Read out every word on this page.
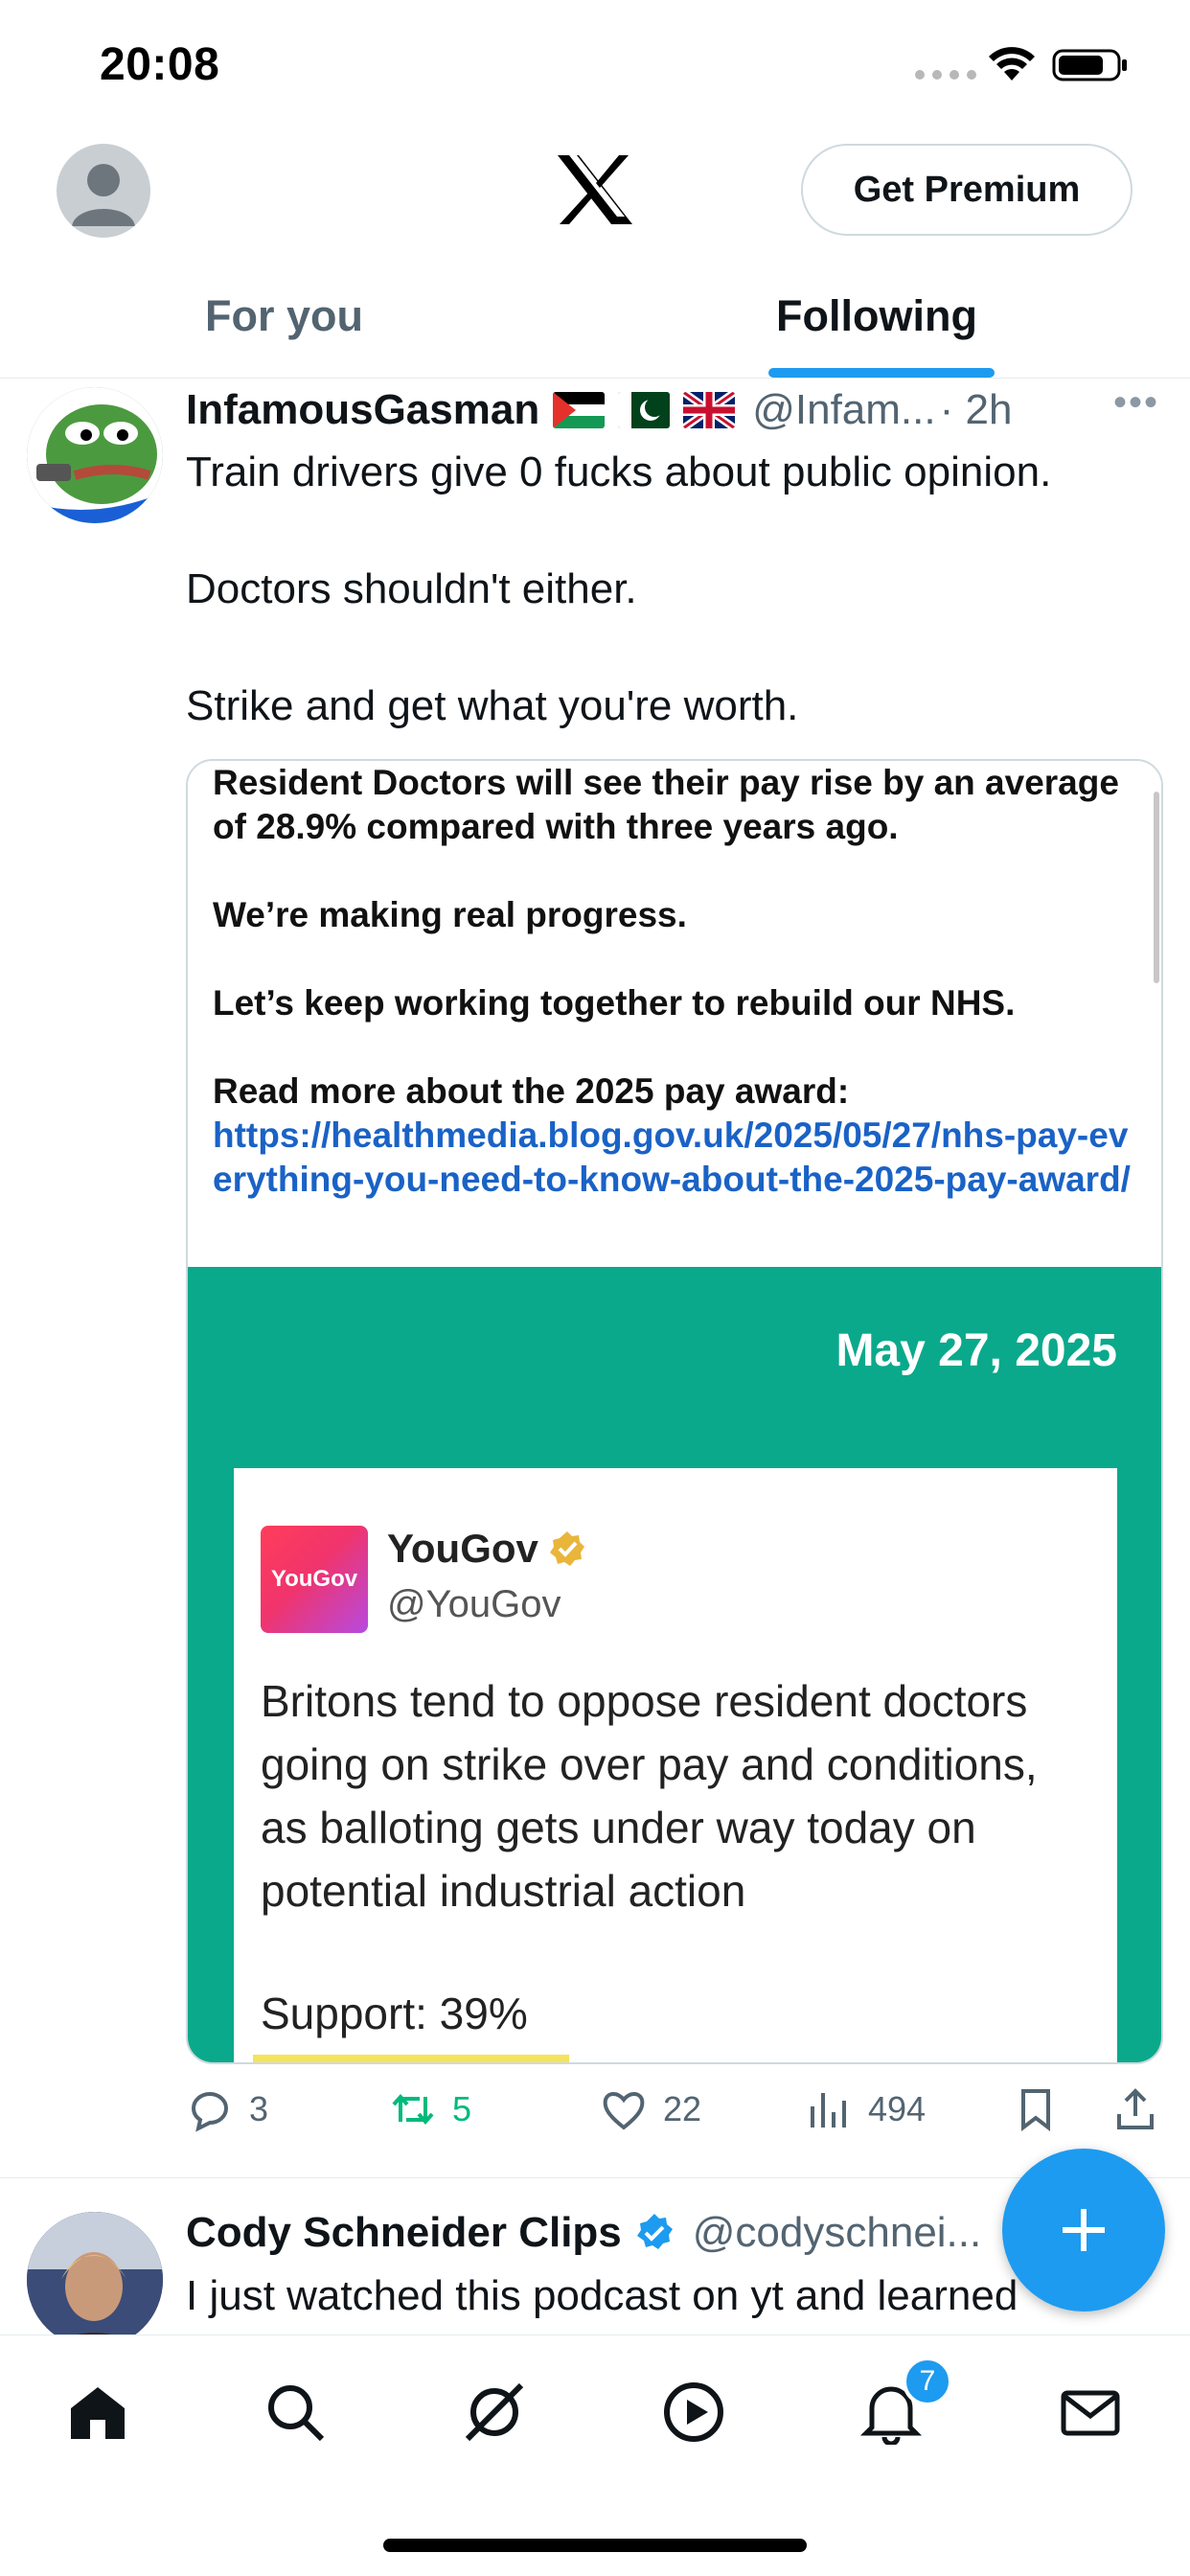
20:08
Get Premium
For you	Following
InfamousGasman	@Infam... · 2h	•••
Train drivers give 0 fucks about public opinion.

Doctors shouldn't either.

Strike and get what you're worth.

Resident Doctors will see their pay rise by an average of 28.9% compared with three years ago.

We’re making real progress.

Let’s keep working together to rebuild our NHS.

Read more about the 2025 pay award:

https://healthmedia.blog.gov.uk/2025/05/27/nhs-pay-everything-you-need-to-know-about-the-2025-pay-award/
May 27, 2025
YouGov
YouGov
@YouGov
Britons tend to oppose resident doctors going on strike over pay and conditions, as balloting gets under way today on potential industrial action
Support: 39%
3	5	22	494
Cody Schneider Clips @codyschnei...
I just watched this podcast on yt and learned
7
